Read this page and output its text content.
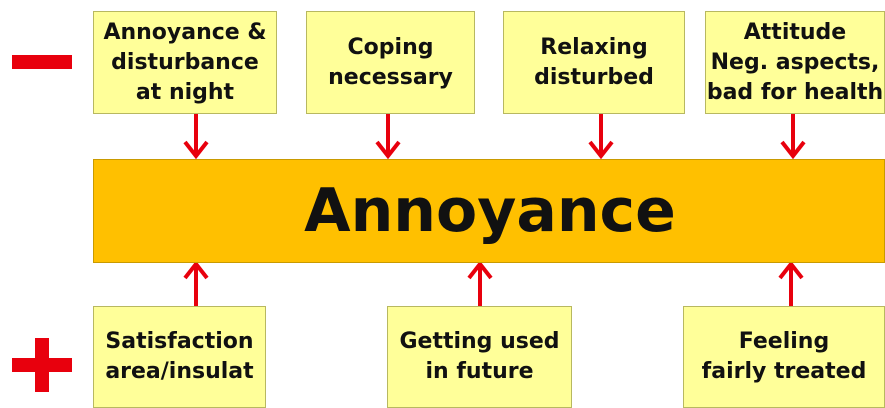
Annoyance &
disturbance
at night
Coping
necessary
Relaxing
disturbed
Attitude
Neg. aspects,
bad for health
Annoyance
Satisfaction
area/insulat
Getting used
in future
Feeling
fairly treated
